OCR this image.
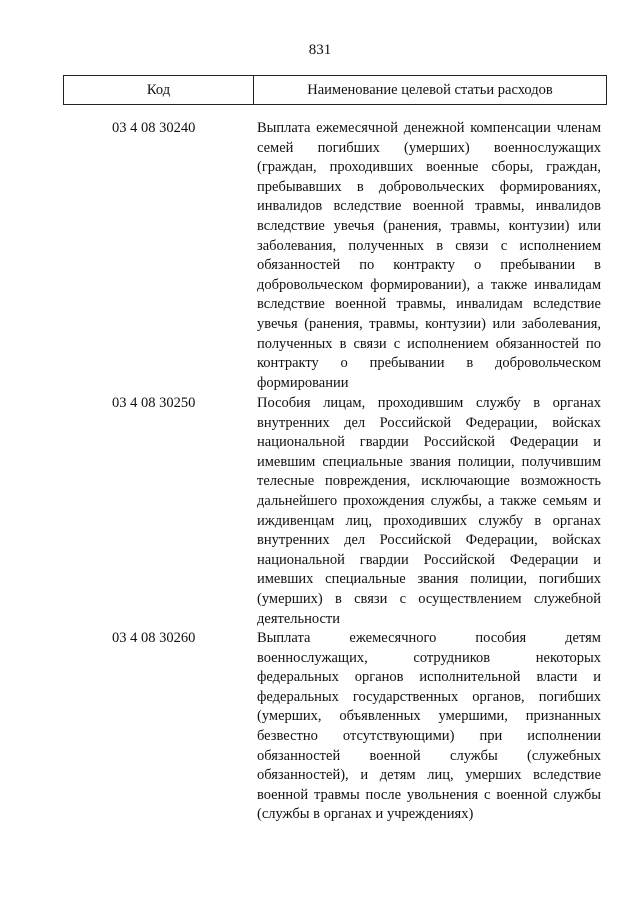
831
Код	Наименование целевой статьи расходов
03 4 08 30240	Выплата ежемесячной денежной компенсации членам семей погибших (умерших) военнослужащих (граждан, проходивших военные сборы, граждан, пребывавших в добровольческих формированиях, инвалидов вследствие военной травмы, инвалидов вследствие увечья (ранения, травмы, контузии) или заболевания, полученных в связи с исполнением обязанностей по контракту о пребывании в добровольческом формировании), а также инвалидам вследствие военной травмы, инвалидам вследствие увечья (ранения, травмы, контузии) или заболевания, полученных в связи с исполнением обязанностей по контракту о пребывании в добровольческом формировании
03 4 08 30250	Пособия лицам, проходившим службу в органах внутренних дел Российской Федерации, войсках национальной гвардии Российской Федерации и имевшим специальные звания полиции, получившим телесные повреждения, исключающие возможность дальнейшего прохождения службы, а также семьям и иждивенцам лиц, проходивших службу в органах внутренних дел Российской Федерации, войсках национальной гвардии Российской Федерации и имевших специальные звания полиции, погибших (умерших) в связи с осуществлением служебной деятельности
03 4 08 30260	Выплата ежемесячного пособия детям военнослужащих, сотрудников некоторых федеральных органов исполнительной власти и федеральных государственных органов, погибших (умерших, объявленных умершими, признанных безвестно отсутствующими) при исполнении обязанностей военной службы (служебных обязанностей), и детям лиц, умерших вследствие военной травмы после увольнения с военной службы (службы в органах и учреждениях)
